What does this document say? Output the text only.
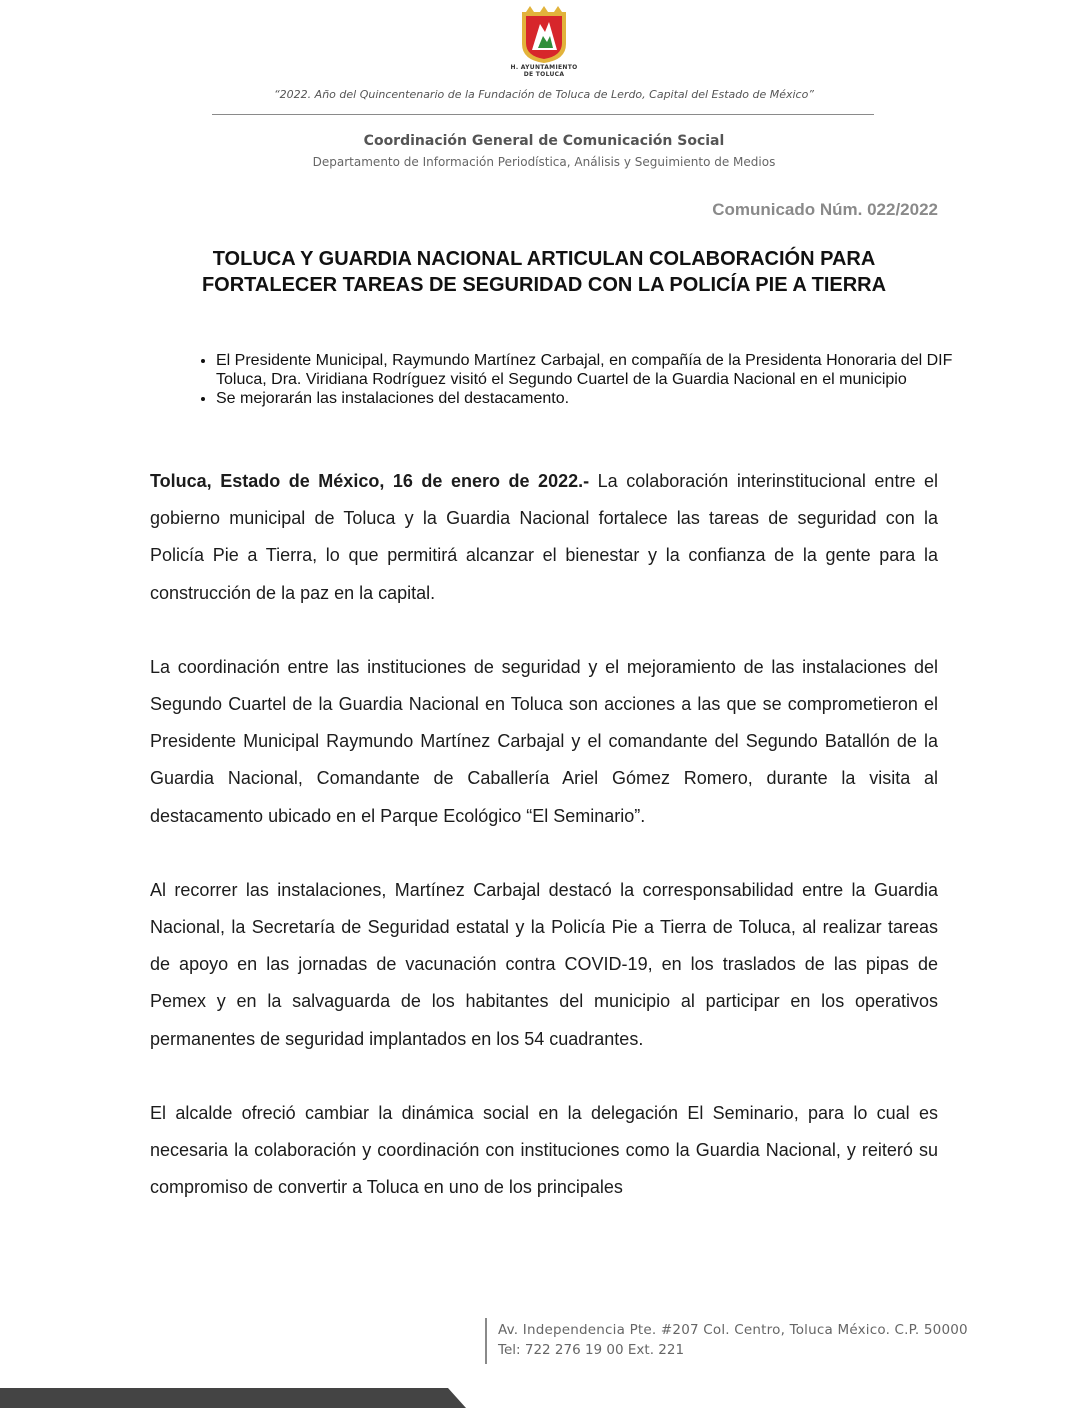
H. AYUNTAMIENTO
DE TOLUCA
“2022. Año del Quincentenario de la Fundación de Toluca de Lerdo, Capital del Estado de México”
Coordinación General de Comunicación Social
Departamento de Información Periodística, Análisis y Seguimiento de Medios
Comunicado Núm. 022/2022
TOLUCA Y GUARDIA NACIONAL ARTICULAN COLABORACIÓN PARA FORTALECER TAREAS DE SEGURIDAD CON LA POLICÍA PIE A TIERRA
• El Presidente Municipal, Raymundo Martínez Carbajal, en compañía de la Presidenta Honoraria del DIF Toluca, Dra. Viridiana Rodríguez visitó el Segundo Cuartel de la Guardia Nacional en el municipio
• Se mejorarán las instalaciones del destacamento.

Toluca, Estado de México, 16 de enero de 2022.- La colaboración interinstitucional entre el gobierno municipal de Toluca y la Guardia Nacional fortalece las tareas de seguridad con la Policía Pie a Tierra, lo que permitirá alcanzar el bienestar y la confianza de la gente para la construcción de la paz en la capital.

La coordinación entre las instituciones de seguridad y el mejoramiento de las instalaciones del Segundo Cuartel de la Guardia Nacional en Toluca son acciones a las que se comprometieron el Presidente Municipal Raymundo Martínez Carbajal y el comandante del Segundo Batallón de la Guardia Nacional, Comandante de Caballería Ariel Gómez Romero, durante la visita al destacamento ubicado en el Parque Ecológico “El Seminario”.

Al recorrer las instalaciones, Martínez Carbajal destacó la corresponsabilidad entre la Guardia Nacional, la Secretaría de Seguridad estatal y la Policía Pie a Tierra de Toluca, al realizar tareas de apoyo en las jornadas de vacunación contra COVID-19, en los traslados de las pipas de Pemex y en la salvaguarda de los habitantes del municipio al participar en los operativos permanentes de seguridad implantados en los 54 cuadrantes.

El alcalde ofreció cambiar la dinámica social en la delegación El Seminario, para lo cual es necesaria la colaboración y coordinación con instituciones como la Guardia Nacional, y reiteró su compromiso de convertir a Toluca en uno de los principales

Av. Independencia Pte. #207 Col. Centro, Toluca México. C.P. 50000
Tel: 722 276 19 00 Ext. 221
